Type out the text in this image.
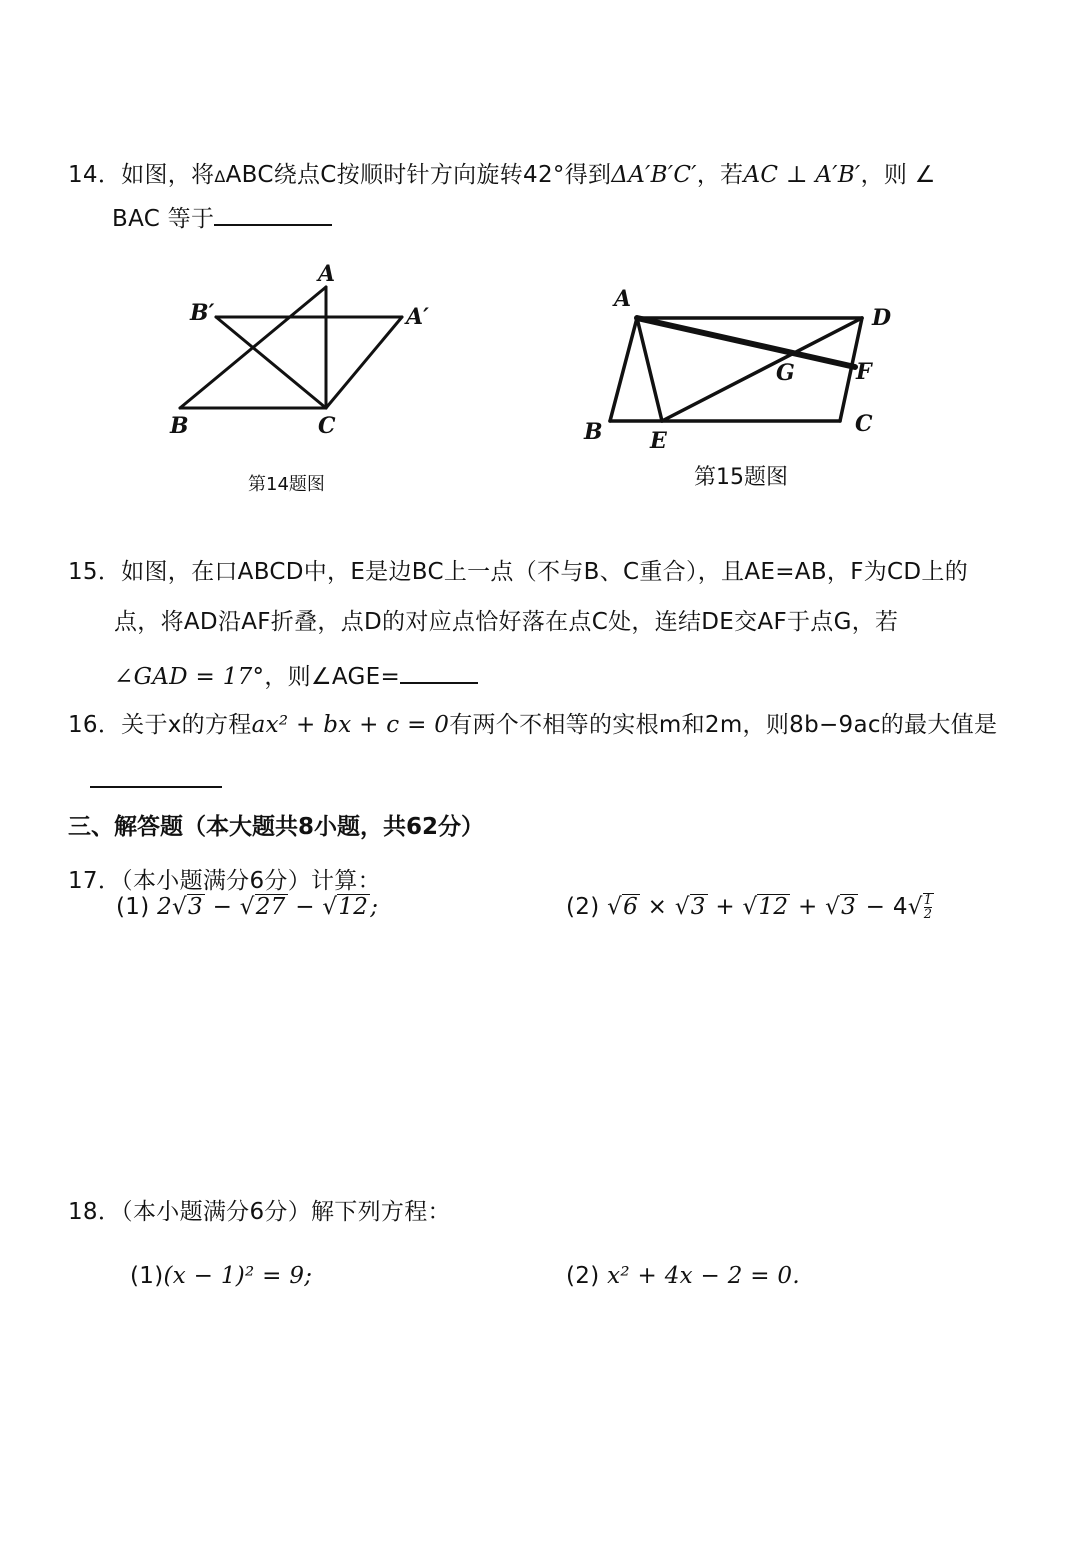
14．如图，将ΔABC绕点C按顺时针方向旋转42°得到ΔA′B′C′，若AC ⊥ A′B′，则 ∠
BAC 等于
A
B′	A′
B	C
第14题图
A
D
G	F
B E
C
第15题图
15．如图，在口ABCD中，E是边BC上一点（不与B、C重合），且AE=AB，F为CD上的
点，将AD沿AF折叠，点D的对应点恰好落在点C处，连结DE交AF于点G，若
∠GAD = 17°，则∠AGE=
16．关于x的方程ax² + bx + c = 0有两个不相等的实根m和2m，则8b−9ac的最大值是
三、解答题（本大题共8小题，共62分）
17．（本小题满分6分）计算：
(1) 2√3 − √27 − √12;	(2) $√6 \times √3 + √12 + √3 - 4√ \frac{1}{2}$
18．（本小题满分6分）解下列方程：
(1)(x − 1)² = 9;	(2) x² + 4x − 2 = 0.
